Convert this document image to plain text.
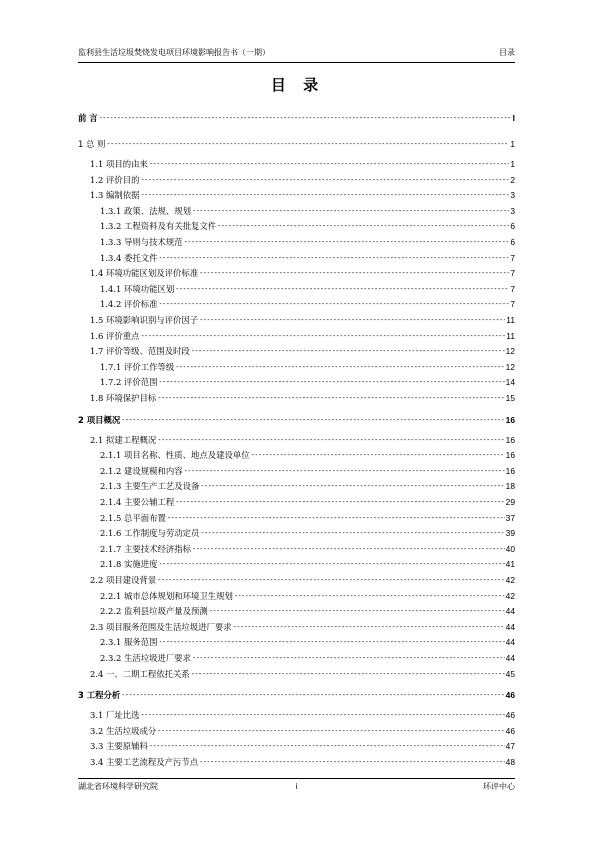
监利县生活垃圾焚烧发电项目环境影响报告书（一期）	目录
目 录
前 言 -----	I
1 总 则 -----	1
1.1 项目的由来 -----	1
1.2 评价目的 -----	2
1.3 编制依据 -----	3
1.3.1 政策、法规、规划 -----	3
1.3.2 工程资料及有关批复文件 -----	6
1.3.3 导则与技术规范 -----	6
1.3.4 委托文件 -----	7
1.4 环境功能区划及评价标准 -----	7
1.4.1 环境功能区划 -----	7
1.4.2 评价标准 -----	7
1.5 环境影响识别与评价因子 -----	11
1.6 评价重点 -----	11
1.7 评价等级、范围及时段 -----	12
1.7.1 评价工作等级 -----	12
1.7.2 评价范围 -----	14
1.8 环境保护目标 -----	15
2 项目概况 -----	16
2.1 拟建工程概况 -----	16
2.1.1 项目名称、性质、地点及建设单位 -----	16
2.1.2 建设规模和内容 -----	16
2.1.3 主要生产工艺及设备 -----	18
2.1.4 主要公辅工程 -----	29
2.1.5 总平面布置 -----	37
2.1.6 工作制度与劳动定员 -----	39
2.1.7 主要技术经济指标 -----	40
2.1.8 实施进度 -----	41
2.2 项目建设背景 -----	42
2.2.1 城市总体规划和环境卫生规划 -----	42
2.2.2 监利县垃圾产量及预测 -----	44
2.3 项目服务范围及生活垃圾进厂要求 -----	44
2.3.1 服务范围 -----	44
2.3.2 生活垃圾进厂要求 -----	44
2.4 一、二期工程依托关系 -----	45
3 工程分析 -----	46
3.1 厂址比选 -----	46
3.2 生活垃圾成分 -----	46
3.3 主要原辅料 -----	47
3.4 主要工艺流程及产污节点 -----	48
湖北省环境科学研究院	i	环评中心
